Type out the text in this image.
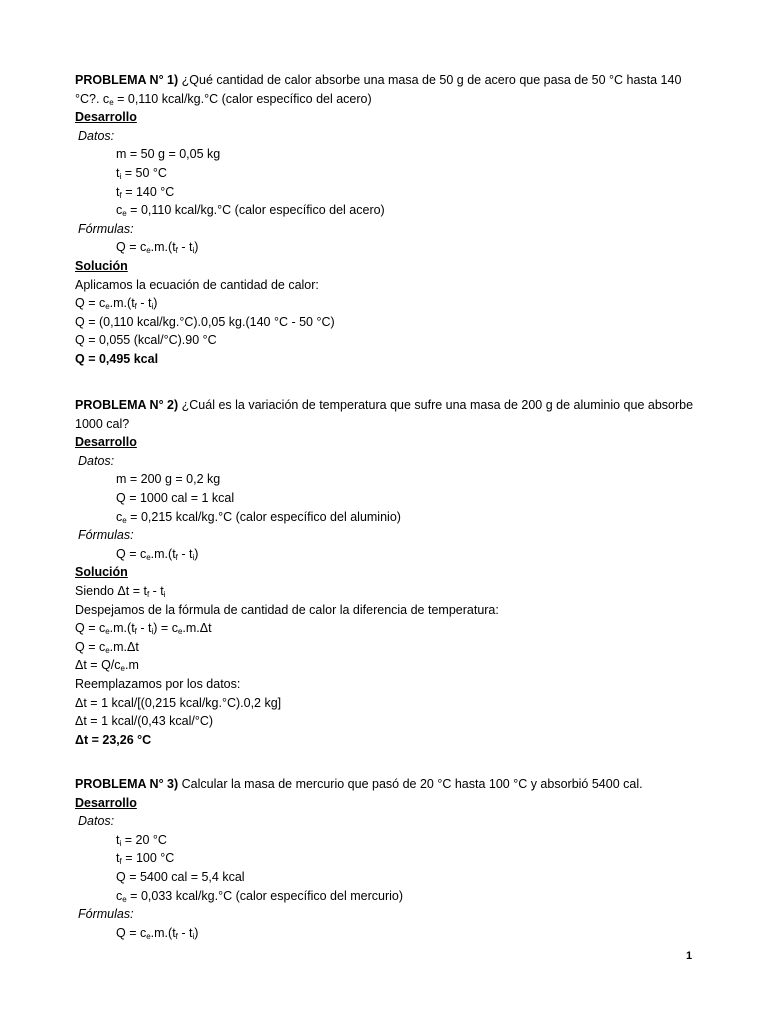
PROBLEMA N° 1) ¿Qué cantidad de calor absorbe una masa de 50 g de acero que pasa de 50 °C hasta 140 °C?. $c_e = 0,110$ kcal/kg.°C (calor específico del acero)
Desarrollo
Datos:
m = 50 g = 0,05 kg
$t_i = 50$ °C
$t_f = 140$ °C
$c_e = 0,110$ kcal/kg.°C (calor específico del acero)
Fórmulas:
$Q = c_e.m.(t_f - t_i)$
Solución
Aplicamos la ecuación de cantidad de calor:
$Q = c_e.m.(t_f - t_i)$
Q = (0,110 kcal/kg.°C).0,05 kg.(140 °C - 50 °C)
Q = 0,055 (kcal/°C).90 °C
Q = 0,495 kcal
PROBLEMA N° 2) ¿Cuál es la variación de temperatura que sufre una masa de 200 g de aluminio que absorbe 1000 cal?
Desarrollo
Datos:
m = 200 g = 0,2 kg
Q = 1000 cal = 1 kcal
$c_e = 0,215$ kcal/kg.°C (calor específico del aluminio)
Fórmulas:
$Q = c_e.m.(t_f - t_i)$
Solución
Siendo $\Delta t = t_f - t_i$
Despejamos de la fórmula de cantidad de calor la diferencia de temperatura:
$Q = c_e.m.(t_f - t_i) = c_e.m.\Delta t$
$Q = c_e.m.\Delta t$
$\Delta t = Q/c_e.m$
Reemplazamos por los datos:
Δt = 1 kcal/[(0,215 kcal/kg.°C).0,2 kg]
Δt = 1 kcal/(0,43 kcal/°C)
Δt = 23,26 °C
PROBLEMA N° 3) Calcular la masa de mercurio que pasó de 20 °C hasta 100 °C y absorbió 5400 cal.
Desarrollo
Datos:
$t_i = 20$ °C
$t_f = 100$ °C
Q = 5400 cal = 5,4 kcal
$c_e = 0,033$ kcal/kg.°C (calor específico del mercurio)
Fórmulas:
$Q = c_e.m.(t_f - t_i)$
1
